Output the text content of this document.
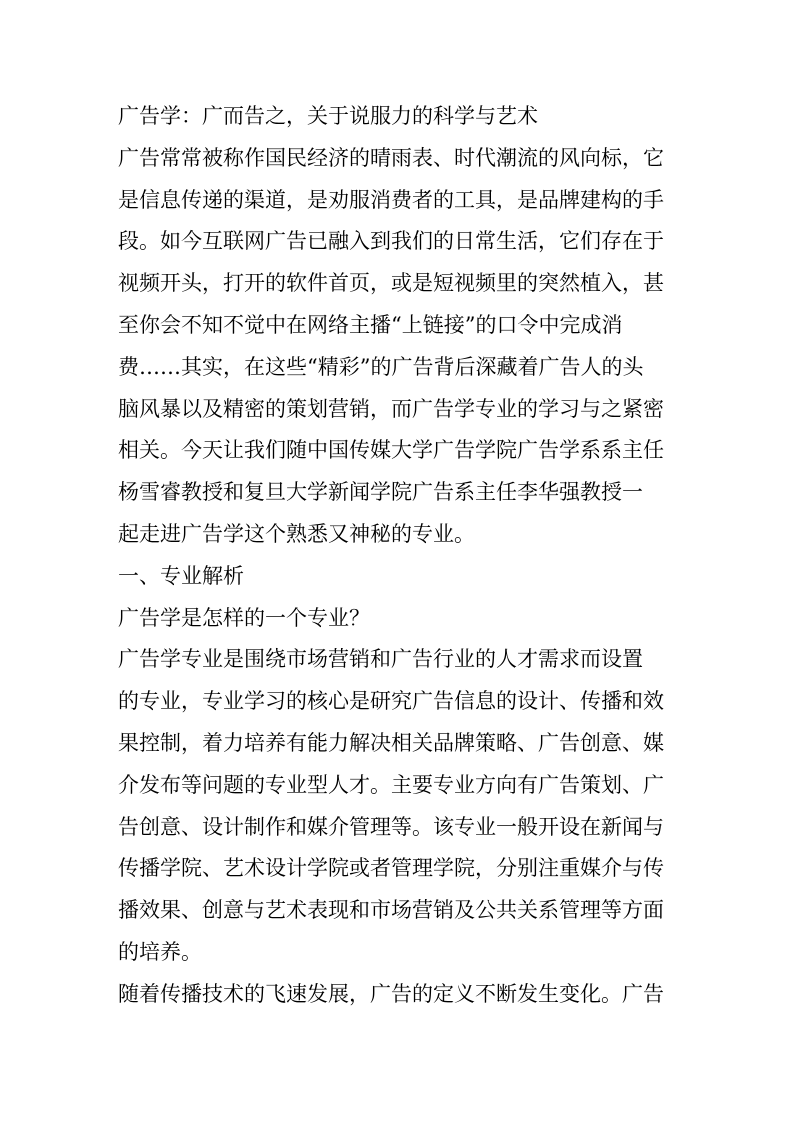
广告学：广而告之，关于说服力的科学与艺术
广告常常被称作国民经济的晴雨表、时代潮流的风向标，它
是信息传递的渠道，是劝服消费者的工具，是品牌建构的手
段。如今互联网广告已融入到我们的日常生活，它们存在于
视频开头，打开的软件首页，或是短视频里的突然植入，甚
至你会不知不觉中在网络主播“上链接”的口令中完成消
费……其实，在这些“精彩”的广告背后深藏着广告人的头
脑风暴以及精密的策划营销，而广告学专业的学习与之紧密
相关。今天让我们随中国传媒大学广告学院广告学系系主任
杨雪睿教授和复旦大学新闻学院广告系主任李华强教授一
起走进广告学这个熟悉又神秘的专业。
一、专业解析
广告学是怎样的一个专业？
广告学专业是围绕市场营销和广告行业的人才需求而设置
的专业，专业学习的核心是研究广告信息的设计、传播和效
果控制，着力培养有能力解决相关品牌策略、广告创意、媒
介发布等问题的专业型人才。主要专业方向有广告策划、广
告创意、设计制作和媒介管理等。该专业一般开设在新闻与
传播学院、艺术设计学院或者管理学院，分别注重媒介与传
播效果、创意与艺术表现和市场营销及公共关系管理等方面
的培养。
随着传播技术的飞速发展，广告的定义不断发生变化。广告
